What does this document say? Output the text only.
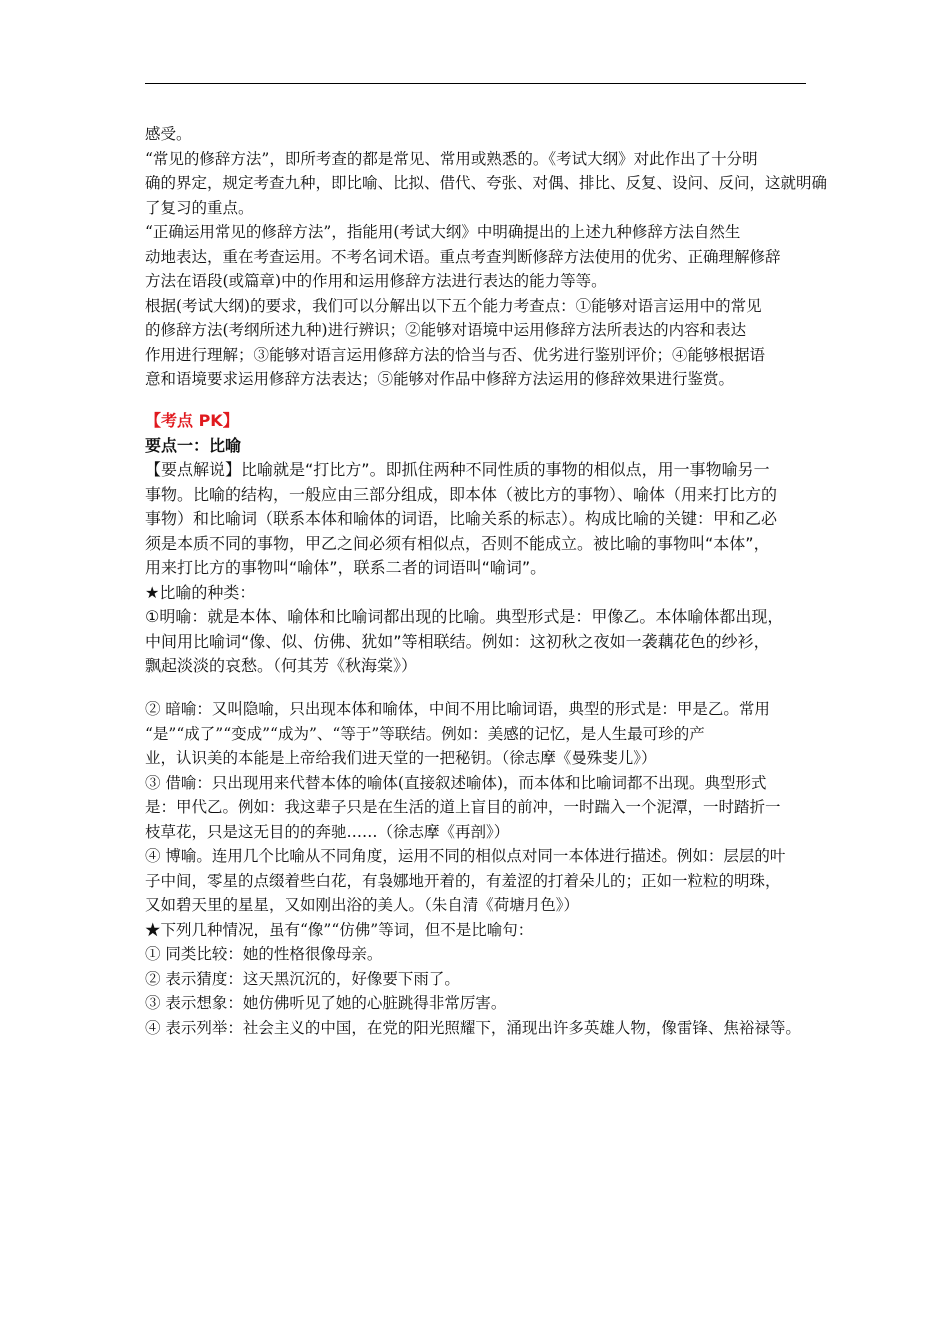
感受。
“常见的修辞方法”，即所考查的都是常见、常用或熟悉的。《考试大纲》对此作出了十分明
确的界定，规定考查九种，即比喻、比拟、借代、夸张、对偶、排比、反复、设问、反问，这就明确
了复习的重点。
“正确运用常见的修辞方法”，指能用(考试大纲》中明确提出的上述九种修辞方法自然生
动地表达，重在考查运用。不考名词术语。重点考查判断修辞方法使用的优劣、正确理解修辞
方法在语段(或篇章)中的作用和运用修辞方法进行表达的能力等等。
根据(考试大纲)的要求，我们可以分解出以下五个能力考查点：①能够对语言运用中的常见
的修辞方法(考纲所述九种)进行辨识；②能够对语境中运用修辞方法所表达的内容和表达
作用进行理解；③能够对语言运用修辞方法的恰当与否、优劣进行鉴别评价；④能够根据语
意和语境要求运用修辞方法表达；⑤能够对作品中修辞方法运用的修辞效果进行鉴赏。
【考点 PK】
要点一：比喻
【要点解说】比喻就是“打比方”。即抓住两种不同性质的事物的相似点，用一事物喻另一
事物。比喻的结构，一般应由三部分组成，即本体（被比方的事物）、喻体（用来打比方的
事物）和比喻词（联系本体和喻体的词语，比喻关系的标志）。构成比喻的关键：甲和乙必
须是本质不同的事物，甲乙之间必须有相似点，否则不能成立。被比喻的事物叫“本体”，
用来打比方的事物叫“喻体”，联系二者的词语叫“喻词”。
★比喻的种类：
①明喻：就是本体、喻体和比喻词都出现的比喻。典型形式是：甲像乙。本体喻体都出现，
中间用比喻词“像、似、仿佛、犹如”等相联结。例如：这初秋之夜如一袭藕花色的纱衫，
飘起淡淡的哀愁。（何其芳《秋海棠》）
② 暗喻：又叫隐喻，只出现本体和喻体，中间不用比喻词语，典型的形式是：甲是乙。常用
“是”“成了”“变成”“成为”、“等于”等联结。例如：美感的记忆，是人生最可珍的产
业，认识美的本能是上帝给我们进天堂的一把秘钥。（徐志摩《曼殊斐儿》）
③ 借喻：只出现用来代替本体的喻体(直接叙述喻体)，而本体和比喻词都不出现。典型形式
是：甲代乙。例如：我这辈子只是在生活的道上盲目的前冲，一时踹入一个泥潭，一时踏折一
枝草花，只是这无目的的奔驰……（徐志摩《再剖》）
④ 博喻。连用几个比喻从不同角度，运用不同的相似点对同一本体进行描述。例如：层层的叶
子中间，零星的点缀着些白花，有袅娜地开着的，有羞涩的打着朵儿的；正如一粒粒的明珠，
又如碧天里的星星，又如刚出浴的美人。（朱自清《荷塘月色》）
★下列几种情况，虽有“像”“仿佛”等词，但不是比喻句：
① 同类比较：她的性格很像母亲。
② 表示猜度：这天黑沉沉的，好像要下雨了。
③ 表示想象：她仿佛听见了她的心脏跳得非常厉害。
④ 表示列举：社会主义的中国，在党的阳光照耀下，涌现出许多英雄人物，像雷锋、焦裕禄等。
